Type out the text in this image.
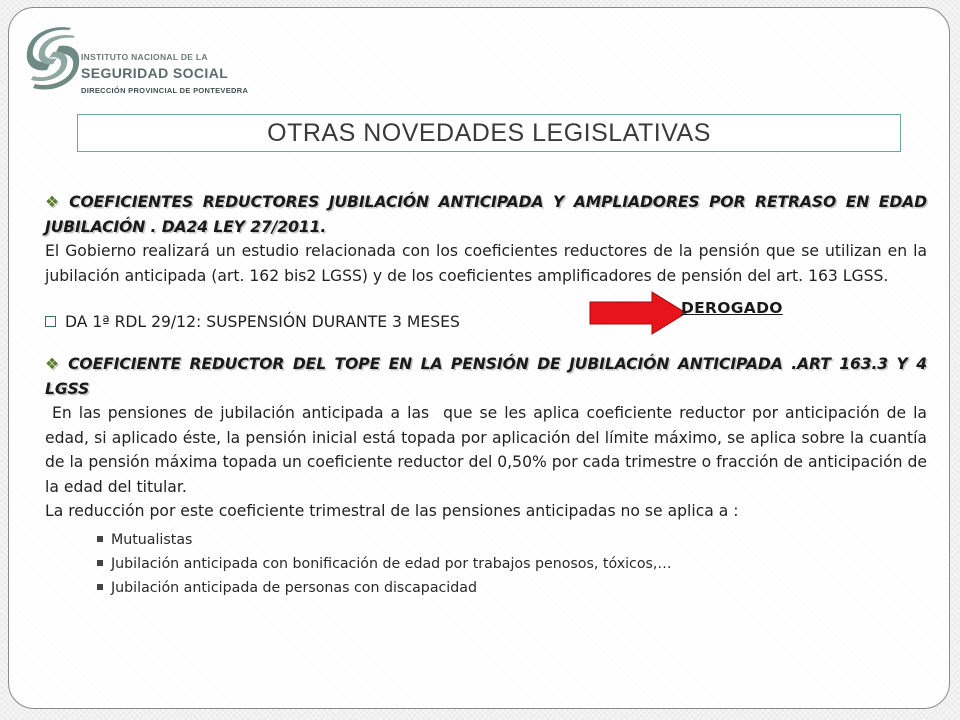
INSTITUTO NACIONAL DE LA
SEGURIDAD SOCIAL
DIRECCIÓN PROVINCIAL DE PONTEVEDRA
OTRAS NOVEDADES LEGISLATIVAS
❖ COEFICIENTES REDUCTORES JUBILACIÓN ANTICIPADA Y AMPLIADORES POR RETRASO EN EDAD JUBILACIÓN . DA24 LEY 27/2011.
El Gobierno realizará un estudio relacionada con los coeficientes reductores de la pensión que se utilizan en la jubilación anticipada (art. 162 bis2 LGSS) y de los coeficientes amplificadores de pensión del art. 163 LGSS.
DA 1ª RDL 29/12: SUSPENSIÓN DURANTE 3 MESES
DEROGADO
❖ COEFICIENTE REDUCTOR DEL TOPE EN LA PENSIÓN DE JUBILACIÓN ANTICIPADA .ART 163.3 Y 4 LGSS
En las pensiones de jubilación anticipada a las  que se les aplica coeficiente reductor por anticipación de la edad, si aplicado éste, la pensión inicial está topada por aplicación del límite máximo, se aplica sobre la cuantía de la pensión máxima topada un coeficiente reductor del 0,50% por cada trimestre o fracción de anticipación de la edad del titular.
La reducción por este coeficiente trimestral de las pensiones anticipadas no se aplica a :
Mutualistas
Jubilación anticipada con bonificación de edad por trabajos penosos, tóxicos,…
Jubilación anticipada de personas con discapacidad
